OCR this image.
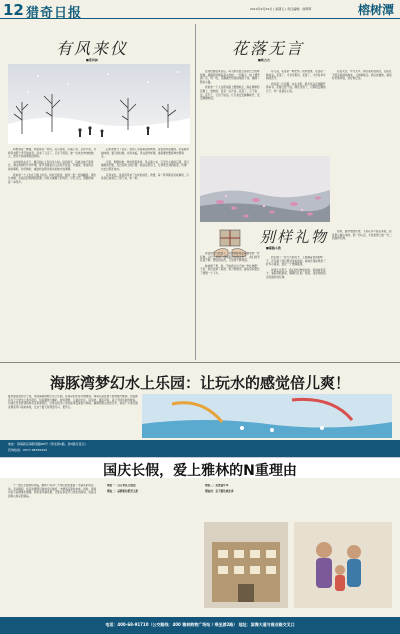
12 猎奇日报	2014年9月29日 | 星期五 | 责任编辑：徐辉辉	榕树潭
有风来仪
■郑风林

如果我是一棵树，我希望有一阵风，从山里来，从海上来，从远方来，为我带来那个季节的消息。风来了又走了，它从不停留，像一位来去匆匆的旅人，把远方的故事说给我听。

小时候住在乡下，屋后的山上有许多大树。每到秋天，风就从林子里穿过，满山的树叶沙沙作响，那声音像是有人在低声说话。外婆说，那是风在讲故事呢，你仔细听，就能听到很远很远的地方的事情。

我常常一个人坐在门槛上听风。风吹过稻田，稻浪一层一层地翻滚；风吹过池塘，水面泛起细细的涟漪；风吹过屋檐下的风铃，叮叮当当，清脆得像是一串笑声。

后来我离开了家乡，来到了这座海边的城市。这里的风是咸的，带着海水的味道。夏天的时候，台风来临，风在窗外呼啸，像是要把整座城市都卷走。

可是，即便如此，我依然喜欢风。风从海上来，它见过大海的辽阔，见过渔船的归航，见过岛屿上的灯塔。我站在阳台上，让风吹过我的脸庞，仿佛也去过那些地方。

有风来仪，是说风带来了吉祥的消息。我想，每一阵风都是有故事的，只是我们常常忘了停下来，听一听。

花落无言
■欧力力

住到校园里来以后，每天都会经过那条长长的林荫道。道路两旁种着高大的树，一到春天，树上便开满了花，风一吹，花瓣就纷纷扬扬地落下来，铺满了整条小路。

我常常一个人在那条路上慢慢地走，踩在厚厚的花瓣上，软软的，没有一点声音。花落了，它不说话；花开了，它也不说话。它只是安安静静地开，安安静静地落。

有人说，花落是一种悲伤。我却觉得，花落是一种成全。花落了，才会有果实；花落了，才会有来年新的花开。

我捡起一片花瓣，夹在书里。很多年以后再翻开那本书，花瓣已经干枯，颜色也淡了，可那段安静的日子，却一直留在心里。

花落无言，岁月无声。那些美好的东西，总是在不经意间悄悄地来，又悄悄地走。我们能做的，就是好好地珍惜，好好地记住。

别样礼物
■郝路小欣

爸爸的生日快到了，我和妹妹商量着要送他一份礼物。买什么好呢？商场里的东西太贵了，我们的零花钱不够；便宜的东西，又觉得不够特别。

妹妹想了想，说：不如我们自己做一份礼物吧！于是，我们找来了彩纸、剪刀和胶水，躲在房间里忙了整整一个下午。

我们做了一张大大的贺卡，上面画着爸爸的样子，还写满了我们想对他说的话。妹妹还用彩纸折了好多小星星，装在一个玻璃瓶里。

爸爸生日那天，我们把礼物送给他。爸爸看着贺卡，看着那瓶星星，眼睛红红的。他说，这是他收到过的最好的礼物。

原来，最珍贵的礼物，不是花多少钱买来的，而是用心做出来的。那一份心意，才是世界上独一无二的别样礼物。

海豚湾梦幻水上乐园：让玩水的感觉倍儿爽！
夏季最炎热的日子里，来到海豚湾梦幻水上乐园，在清凉的水里尽情嬉戏，体验从高处滑下的刺激与畅快。乐园拥有多个大型水上游乐项目，包括超级大喇叭、旋风滑道、儿童戏水区、造浪池、漂流河等，适合不同年龄的游客。乐园还设有舒适的休息区和餐饮区，让您在玩水之余也能享受美食与休闲。暑期特惠火热进行中，欢迎广大市民朋友携家带口前来体验，让这个夏天玩得更尽兴、更开心。
地址：滨海新区海豚湾路88号（乘坐游2路、游3路可直达）
咨询热线：0577-98765432
国庆长假，爱上雅林的N重理由

十一国庆长假即将来临，雅林广场为广大市民朋友准备了丰富多彩的活动。活动期间，到店消费即可参加幸运抽奖，丰厚奖品等你来拿。同时，商场内各大品牌推出满减、折扣等多重优惠，让您在享受节日欢乐的同时，也能买到称心如意的商品。

理由一：百万好礼大放送

理由二：品牌折扣低至五折

理由三：美食嘉年华

理由四：亲子游乐欢乐多

电话：400-68-91710（公交路线：400 雅林购物广场站 / 乘坐游2路） 地址：滨海大道与商业路交叉口
